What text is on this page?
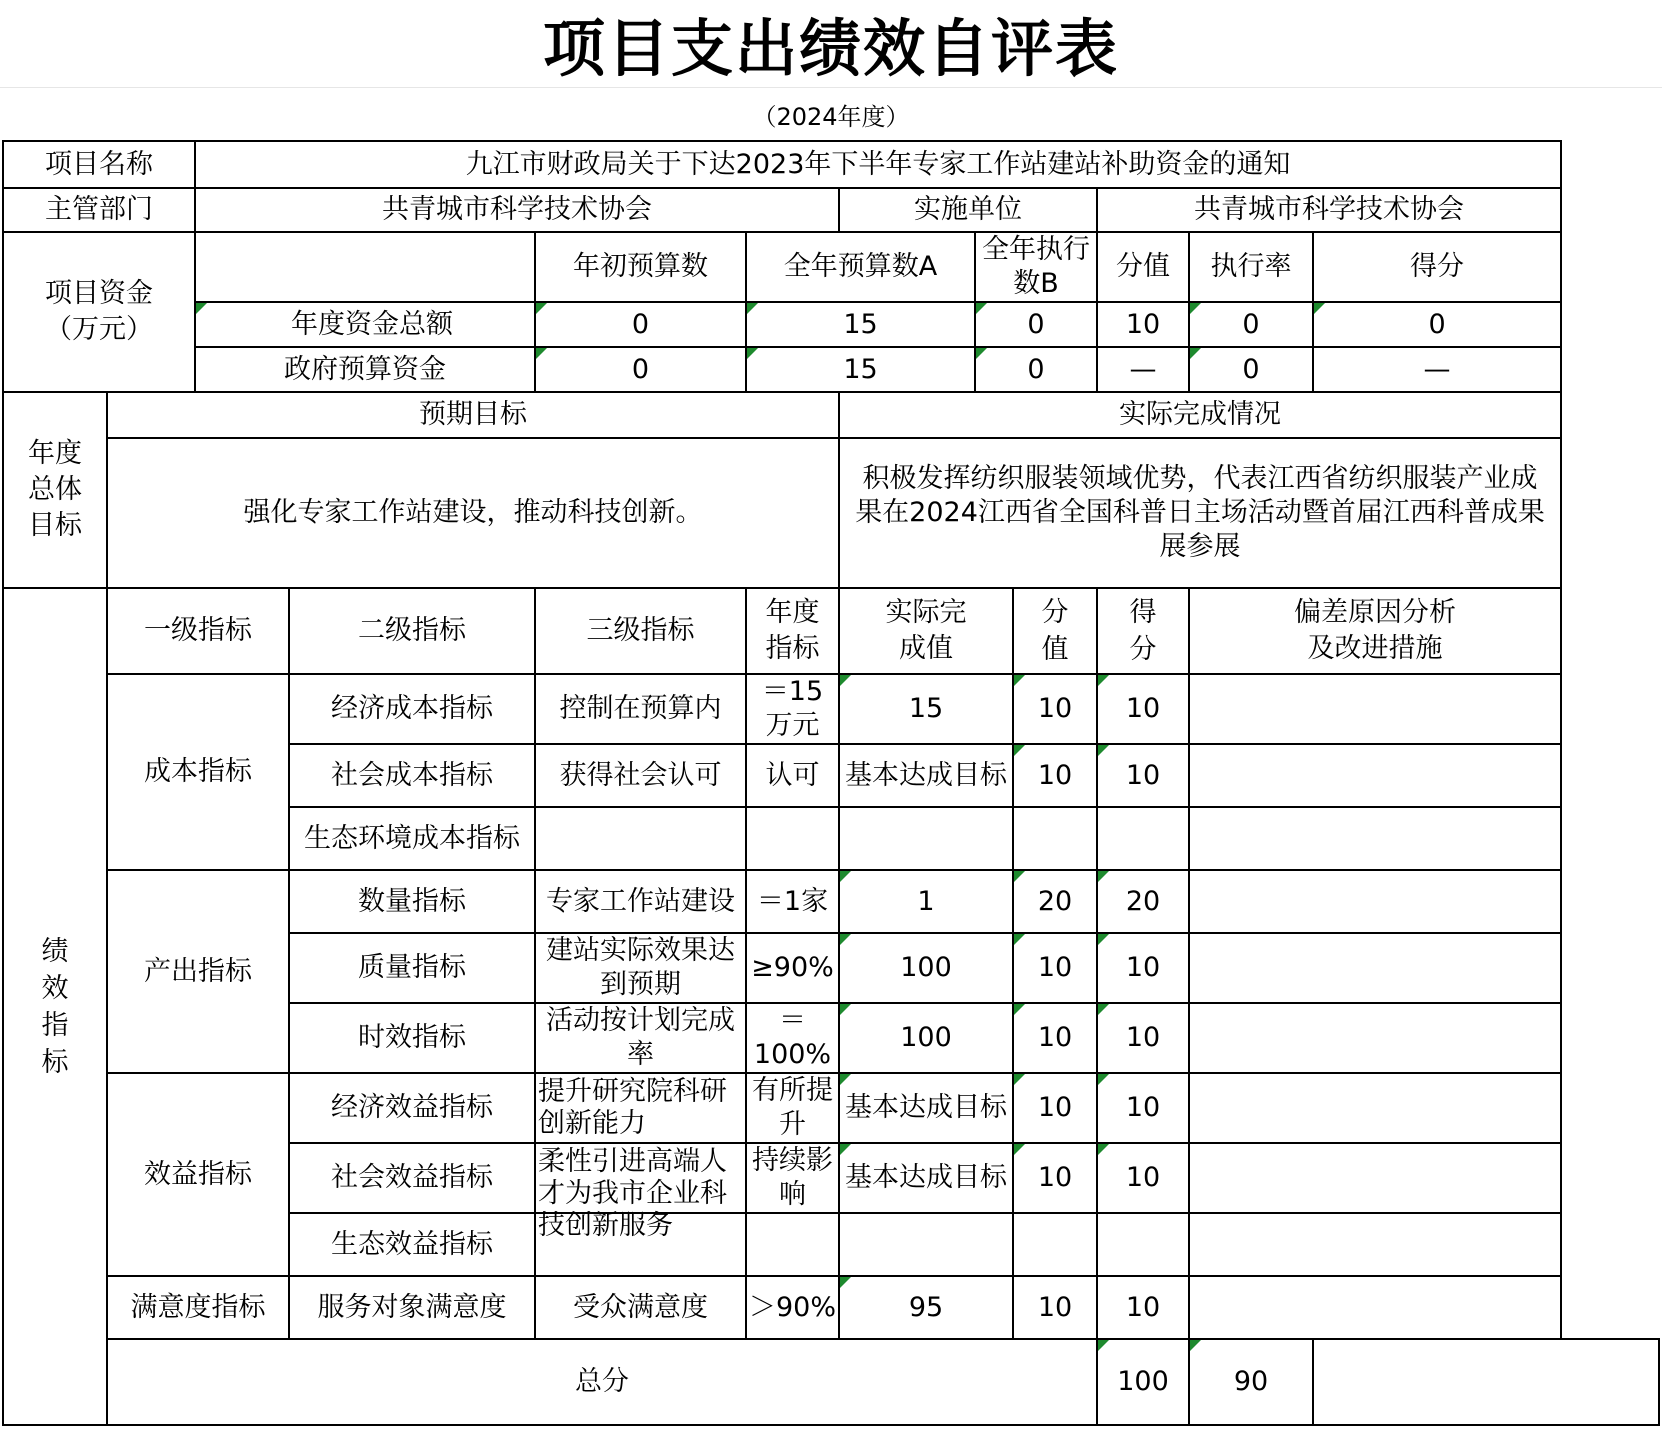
项目支出绩效自评表
（2024年度）
项目名称		九江市财政局关于下达2023年下半年专家工作站建站补助资金的通知									
主管部门		共青城市科学技术协会				实施单位			共青城市科学技术协会		

项目资金（万元）				年初预算数	全年预算数A		全年执行数B		分值	执行率	得分
		年度资金总额		0	15		0		10	0	0
		政府预算资金		0	15		0		—	0	—

年度总体目标	预期目标					实际完成情况					
	强化专家工作站建设，推动科技创新。					积极发挥纺织服装领域优势，代表江西省纺织服装产业成果在2024江西省全国科普日主场活动暨首届江西科普成果展参展					
绩效指标	一级指标		二级指标	三级指标	年度指标	实际完成值		分值	得分	偏差原因分析及改进措施	

	成本指标		经济成本指标	控制在预算内	＝15万元	15		10	10		
			社会成本指标	获得社会认可	认可	基本达成目标		10	10		
			生态环境成本指标								
	产出指标		数量指标	专家工作站建设	＝1家	1		20	20		
			质量指标	建站实际效果达到预期	≥90%	100		10	10		
			时效指标	活动按计划完成率	＝100%	100		10	10		
	效益指标		经济效益指标	提升研究院科研创新能力	有所提升	基本达成目标		10	10		
			社会效益指标	柔性引进高端人才为我市企业科技创新服务	持续影响	基本达成目标		10	10		
			生态效益指标								
	满意度指标		服务对象满意度	受众满意度	＞90%	95		10	10		
	总分								100	90	
